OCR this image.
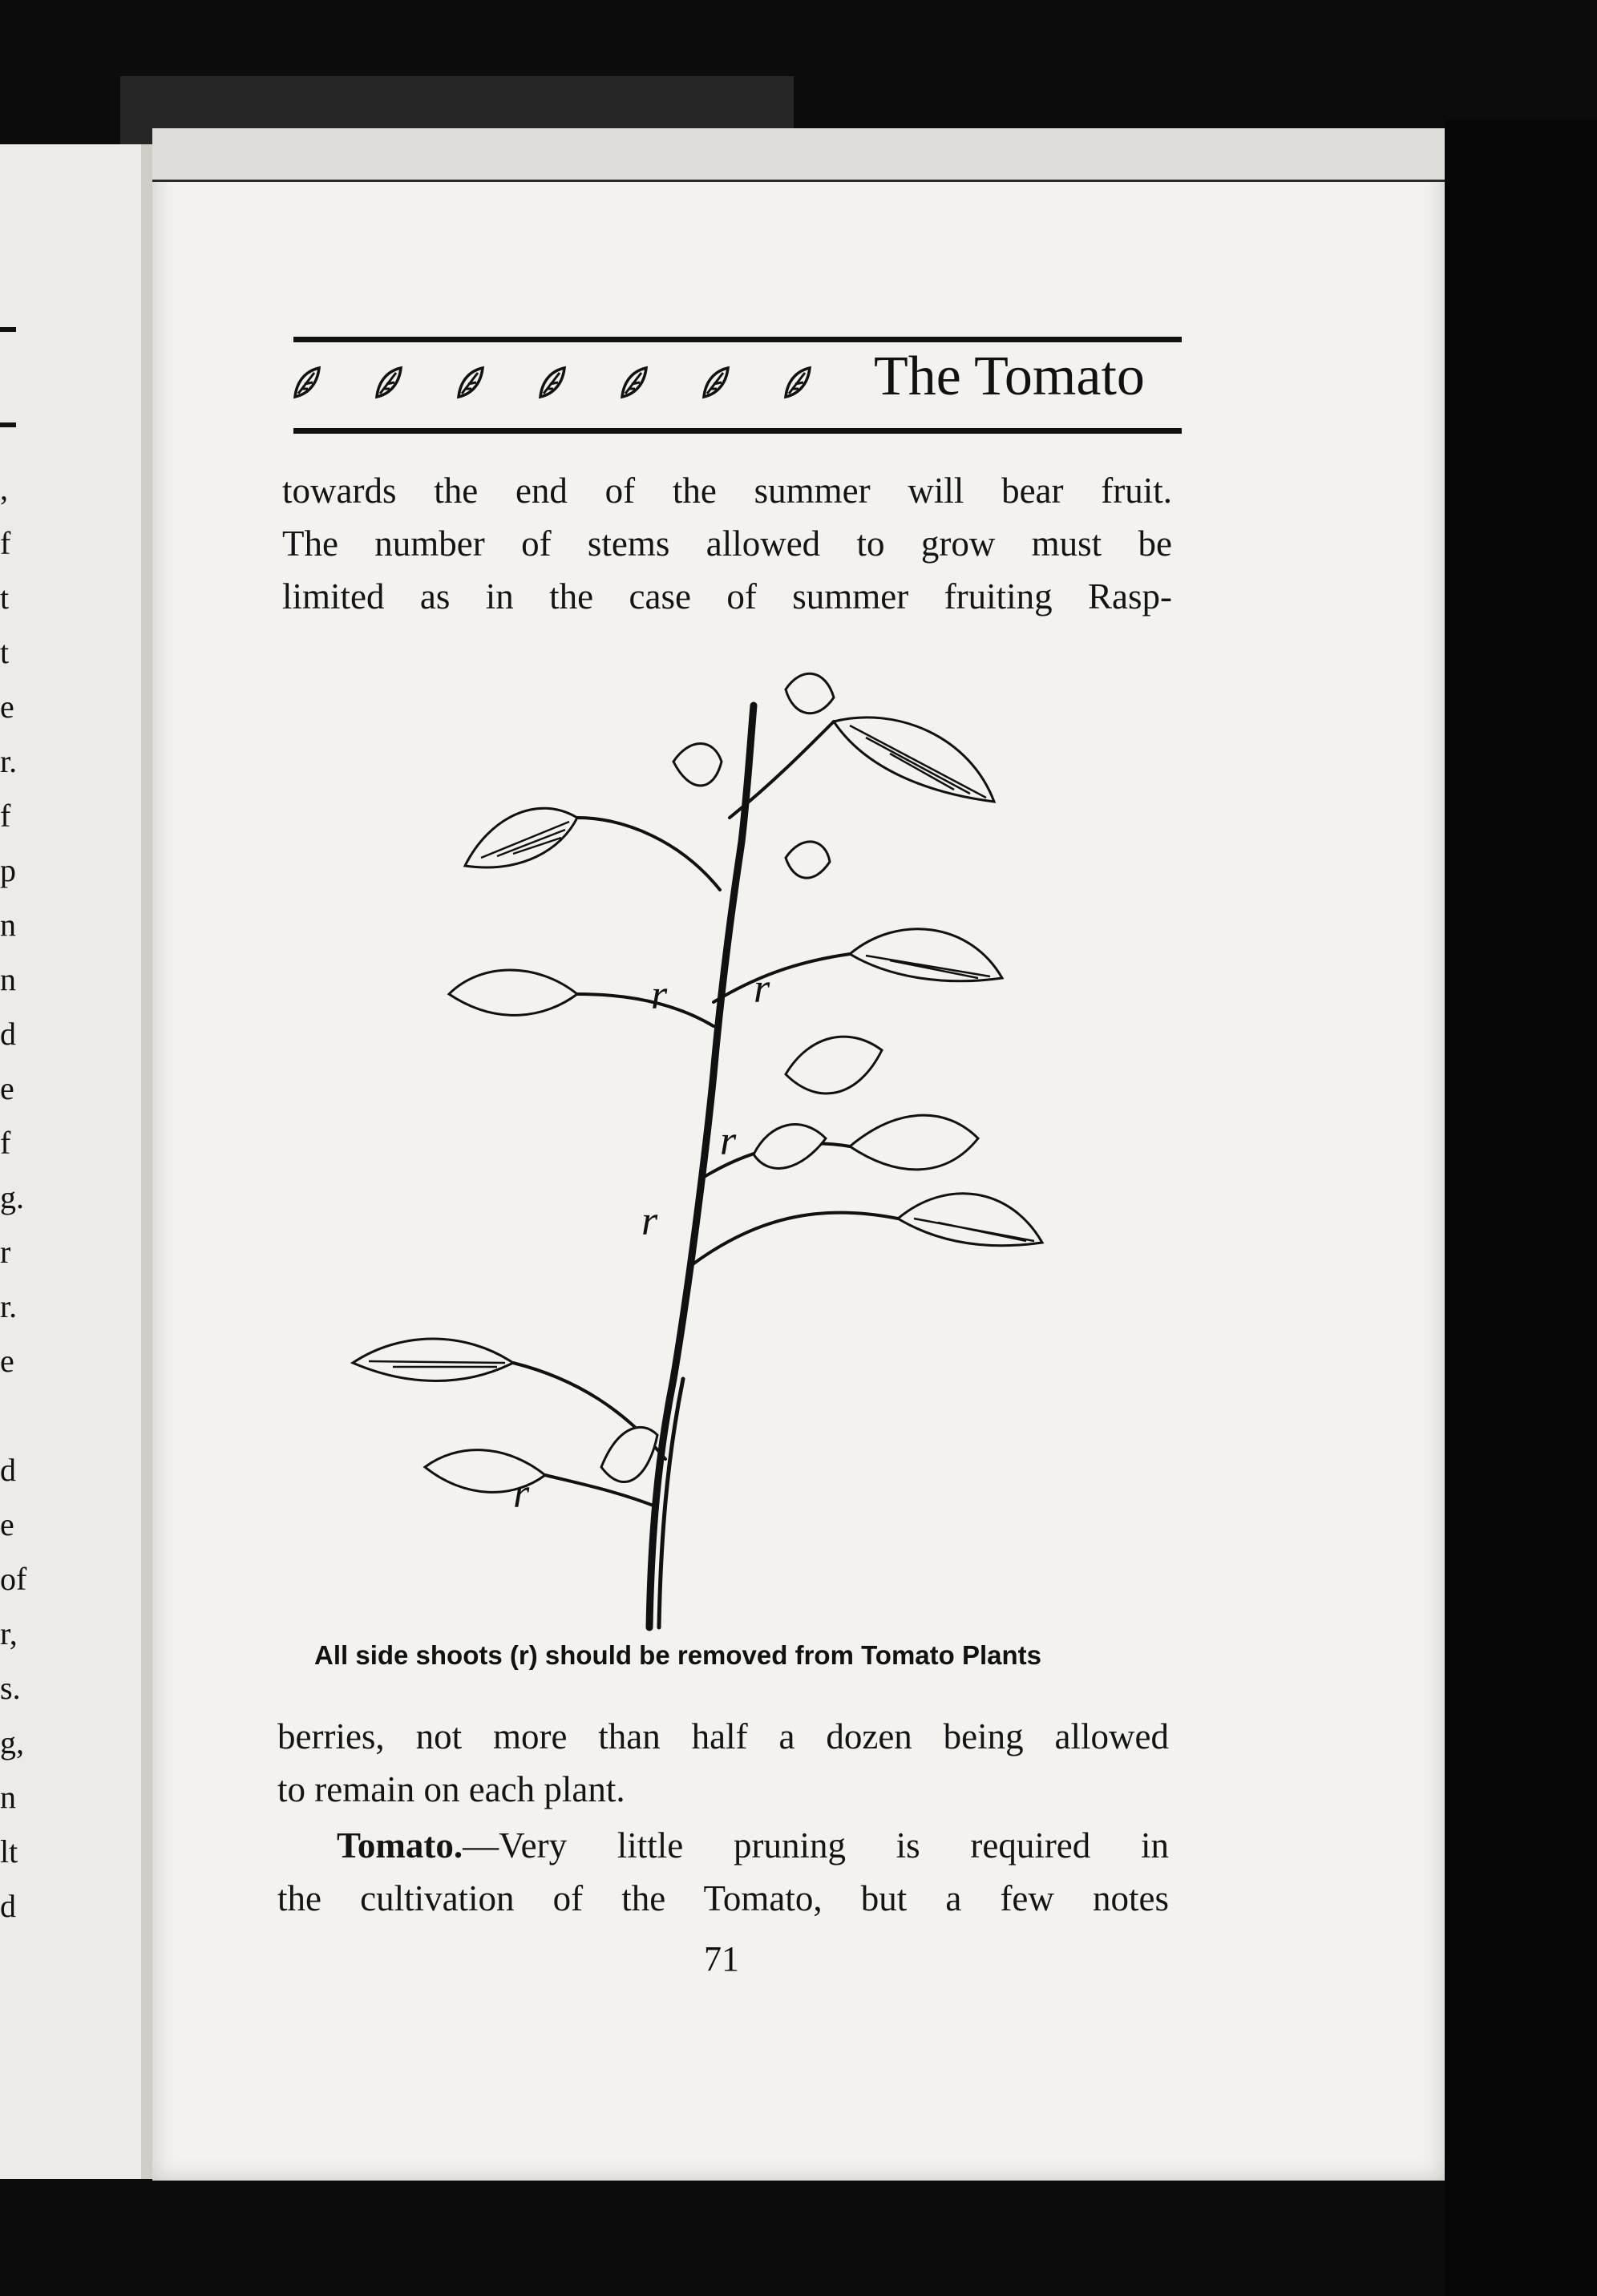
,
f
t
t
e
r.
f
p
n
n
d
e
f
g.
r
r.
e
d
e
of
r,
s.
g,
n
lt
d
The Tomato
towards the end of the summer will bear fruit.
The number of stems allowed to grow must be
limited as in the case of summer fruiting Rasp-
r r
r
r
r
All side shoots (r) should be removed from Tomato Plants
berries, not more than half a dozen being allowed
to remain on each plant.
Tomato.—Very little pruning is required in
the cultivation of the Tomato, but a few notes
71
